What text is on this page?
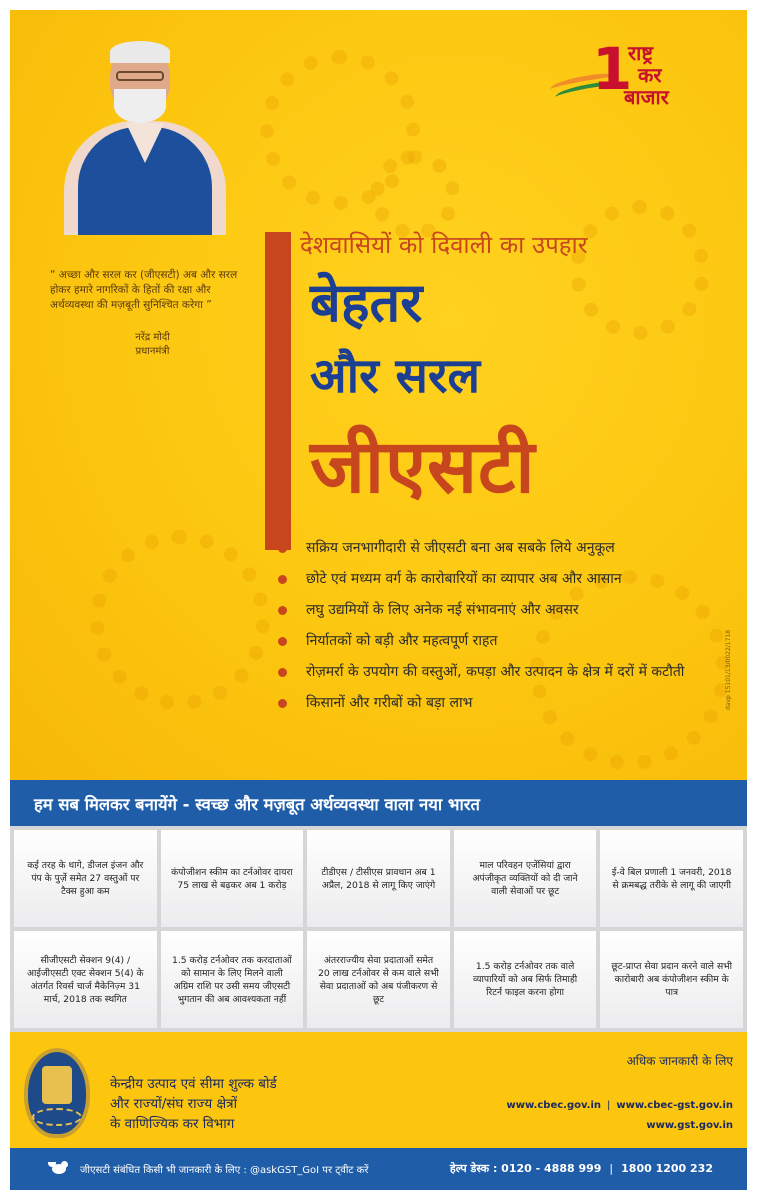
1
राष्ट्र
कर
बाजार

“ अच्छा और सरल कर (जीएसटी) अब और सरल होकर हमारे नागरिकों के हितों की रक्षा और अर्थव्यवस्था की मज़बूती सुनिश्चित करेगा ”

नरेंद्र मोदी
प्रधानमंत्री
देशवासियों को दिवाली का उपहार
बेहतर
और सरल
जीएसटी
सक्रिय जनभागीदारी से जीएसटी बना अब सबके लिये अनुकूल
छोटे एवं मध्यम वर्ग के कारोबारियों का व्यापार अब और आसान
लघु उद्यमियों के लिए अनेक नई संभावनाएं और अवसर
निर्यातकों को बड़ी और महत्वपूर्ण राहत
रोज़मर्रा के उपयोग की वस्तुओं, कपड़ा और उत्पादन के क्षेत्र में दरों में कटौती
किसानों और गरीबों को बड़ा लाभ	davp 15101/13/0022/1718
हम सब मिलकर बनायेंगे - स्वच्छ और मज़बूत अर्थव्यवस्था वाला नया भारत
कई तरह के धागे, डीजल इंजन और पंप के पुर्ज़े समेत 27 वस्तुओं पर टैक्स हुआ कम
कंपोजीशन स्कीम का टर्नओवर दायरा 75 लाख से बढ़कर अब 1 करोड़
टीडीएस / टीसीएस प्रावधान अब 1 अप्रैल, 2018 से लागू किए जाएंगे
माल परिवहन एजेंसियां द्वारा अपंजीकृत व्यक्तियों को दी जाने वाली सेवाओं पर छूट
ई-वे बिल प्रणाली 1 जनवरी, 2018 से क्रमबद्ध तरीके से लागू की जाएगी
सीजीएसटी सेक्शन 9(4) / आईजीएसटी एक्ट सेक्शन 5(4) के अंतर्गत रिवर्स चार्ज मैकेनिज़्म 31 मार्च, 2018 तक स्थगित
1.5 करोड़ टर्नओवर तक करदाताओं को सामान के लिए मिलने वाली अग्रिम राशि पर उसी समय जीएसटी भुगतान की अब आवश्यकता नहीं
अंतरराज्यीय सेवा प्रदाताओं समेत 20 लाख टर्नओवर से कम वाले सभी सेवा प्रदाताओं को अब पंजीकरण से छूट
1.5 करोड़ टर्नओवर तक वाले व्यापारियों को अब सिर्फ तिमाही रिटर्न फाइल करना होगा
छूट-प्राप्त सेवा प्रदान करने वाले सभी कारोबारी अब कंपोजीशन स्कीम के पात्र
केन्द्रीय उत्पाद एवं सीमा शुल्क बोर्ड
और राज्यों/संघ राज्य क्षेत्रों
के वाणिज्यिक कर विभाग
अधिक जानकारी के लिए
www.cbec.gov.in | www.cbec-gst.gov.in
www.gst.gov.in
जीएसटी संबंधित किसी भी जानकारी के लिए : @askGST_GoI पर ट्वीट करें	हेल्प डेस्क : 0120 - 4888 999 | 1800 1200 232
